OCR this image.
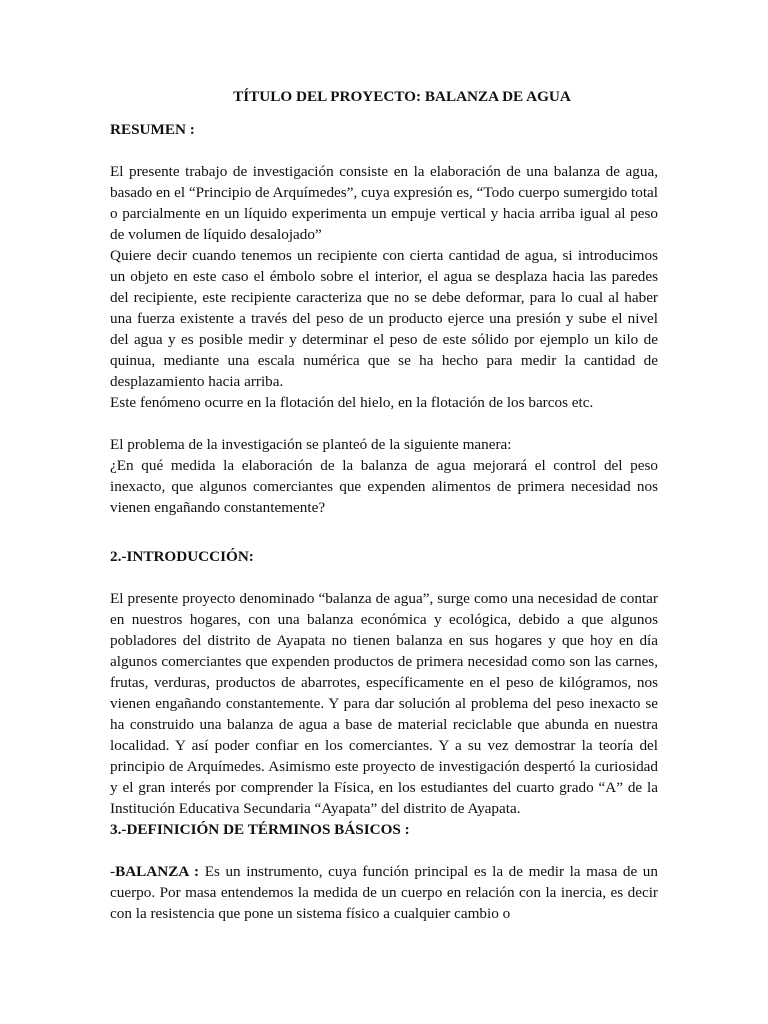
TÍTULO DEL PROYECTO: BALANZA DE AGUA

RESUMEN :

El presente trabajo de investigación consiste en la elaboración de una balanza de agua, basado en el “Principio de Arquímedes”, cuya expresión es, “Todo cuerpo sumergido total o parcialmente en un líquido experimenta un empuje vertical y hacia arriba igual al peso de volumen de líquido desalojado”

Quiere decir cuando tenemos un recipiente con cierta cantidad de agua, si introducimos un objeto en este caso el émbolo sobre el interior, el agua se desplaza hacia las paredes del recipiente, este recipiente caracteriza que no se debe deformar, para lo cual al haber una fuerza existente a través del peso de un producto ejerce una presión y sube el nivel del agua y es posible medir y determinar el peso de este sólido por ejemplo un kilo de quinua, mediante una escala numérica que se ha hecho para medir la cantidad de desplazamiento hacia arriba.

Este fenómeno ocurre en la flotación del hielo, en la flotación de los barcos etc.

El problema de la investigación se planteó de la siguiente manera:

¿En qué medida la elaboración de la balanza de agua mejorará el control del peso inexacto, que algunos comerciantes que expenden alimentos de primera necesidad nos vienen engañando constantemente?

2.-INTRODUCCIÓN:

El presente proyecto denominado “balanza de agua”, surge como una necesidad de contar en nuestros hogares, con una balanza económica y ecológica, debido a que algunos pobladores del distrito de Ayapata no tienen balanza en sus hogares y que hoy en día algunos comerciantes que expenden productos de primera necesidad como son las carnes, frutas, verduras, productos de abarrotes, específicamente en el peso de kilógramos, nos vienen engañando constantemente. Y para dar solución al problema del peso inexacto se ha construido una balanza de agua a base de material reciclable que abunda en nuestra localidad. Y así poder confiar en los comerciantes. Y a su vez demostrar la teoría del principio de Arquímedes. Asimismo este proyecto de investigación despertó la curiosidad y el gran interés por comprender la Física, en los estudiantes del cuarto grado “A” de la Institución Educativa Secundaria “Ayapata” del distrito de Ayapata.

3.-DEFINICIÓN DE TÉRMINOS BÁSICOS :

-BALANZA : Es un instrumento, cuya función principal es la de medir la masa de un cuerpo. Por masa entendemos la medida de un cuerpo en relación con la inercia, es decir con la resistencia que pone un sistema físico a cualquier cambio o
